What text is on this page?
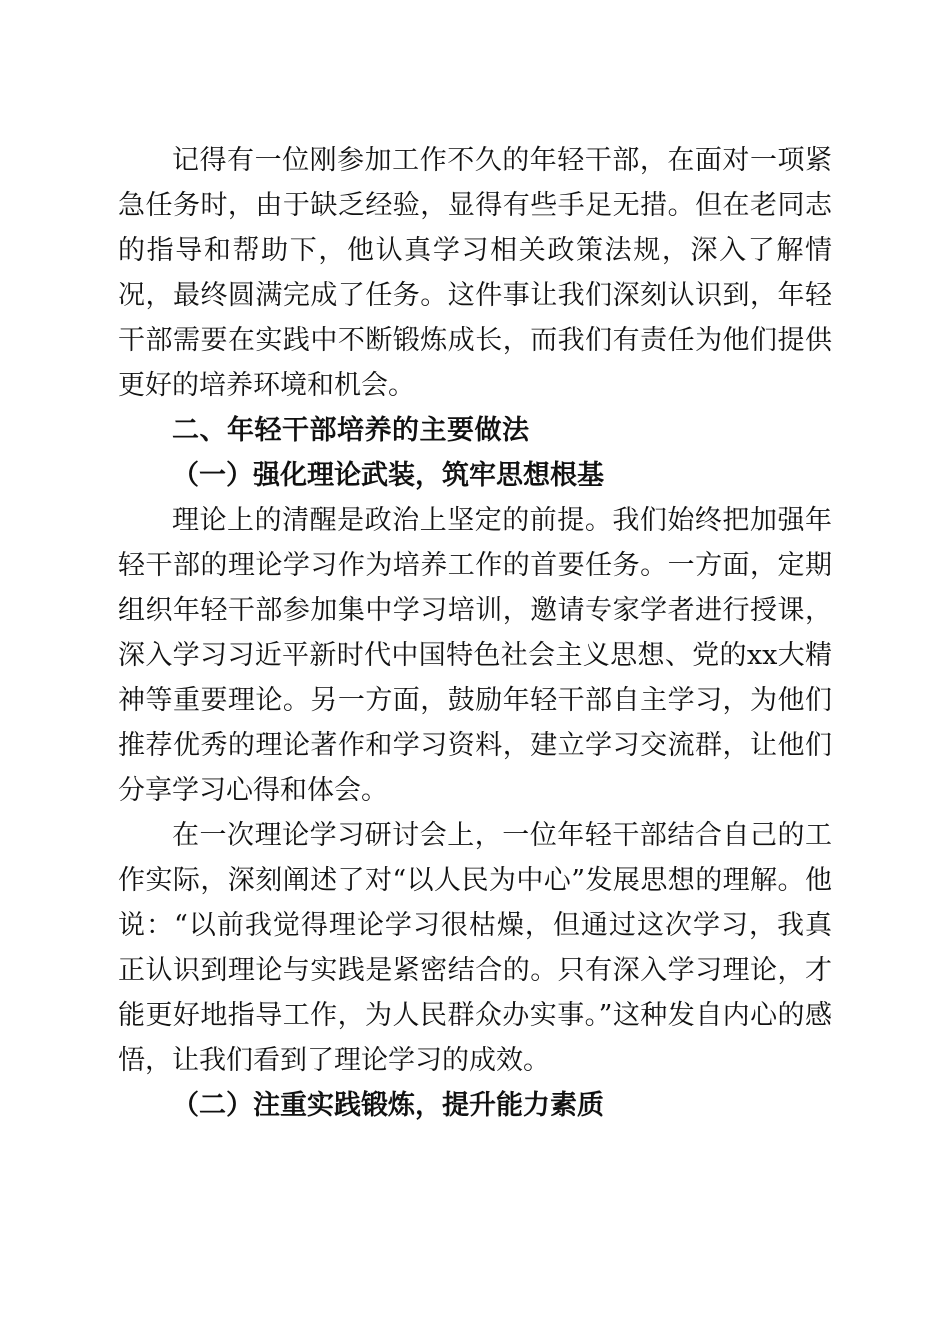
记得有一位刚参加工作不久的年轻干部，在面对一项紧急任务时，由于缺乏经验，显得有些手足无措。但在老同志的指导和帮助下，他认真学习相关政策法规，深入了解情况，最终圆满完成了任务。这件事让我们深刻认识到，年轻干部需要在实践中不断锻炼成长，而我们有责任为他们提供更好的培养环境和机会。

二、年轻干部培养的主要做法

（一）强化理论武装，筑牢思想根基

理论上的清醒是政治上坚定的前提。我们始终把加强年轻干部的理论学习作为培养工作的首要任务。一方面，定期组织年轻干部参加集中学习培训，邀请专家学者进行授课，深入学习习近平新时代中国特色社会主义思想、党的xx大精神等重要理论。另一方面，鼓励年轻干部自主学习，为他们推荐优秀的理论著作和学习资料，建立学习交流群，让他们分享学习心得和体会。

在一次理论学习研讨会上，一位年轻干部结合自己的工作实际，深刻阐述了对“以人民为中心”发展思想的理解。他说：“以前我觉得理论学习很枯燥，但通过这次学习，我真正认识到理论与实践是紧密结合的。只有深入学习理论，才能更好地指导工作，为人民群众办实事。”这种发自内心的感悟，让我们看到了理论学习的成效。

（二）注重实践锻炼，提升能力素质
